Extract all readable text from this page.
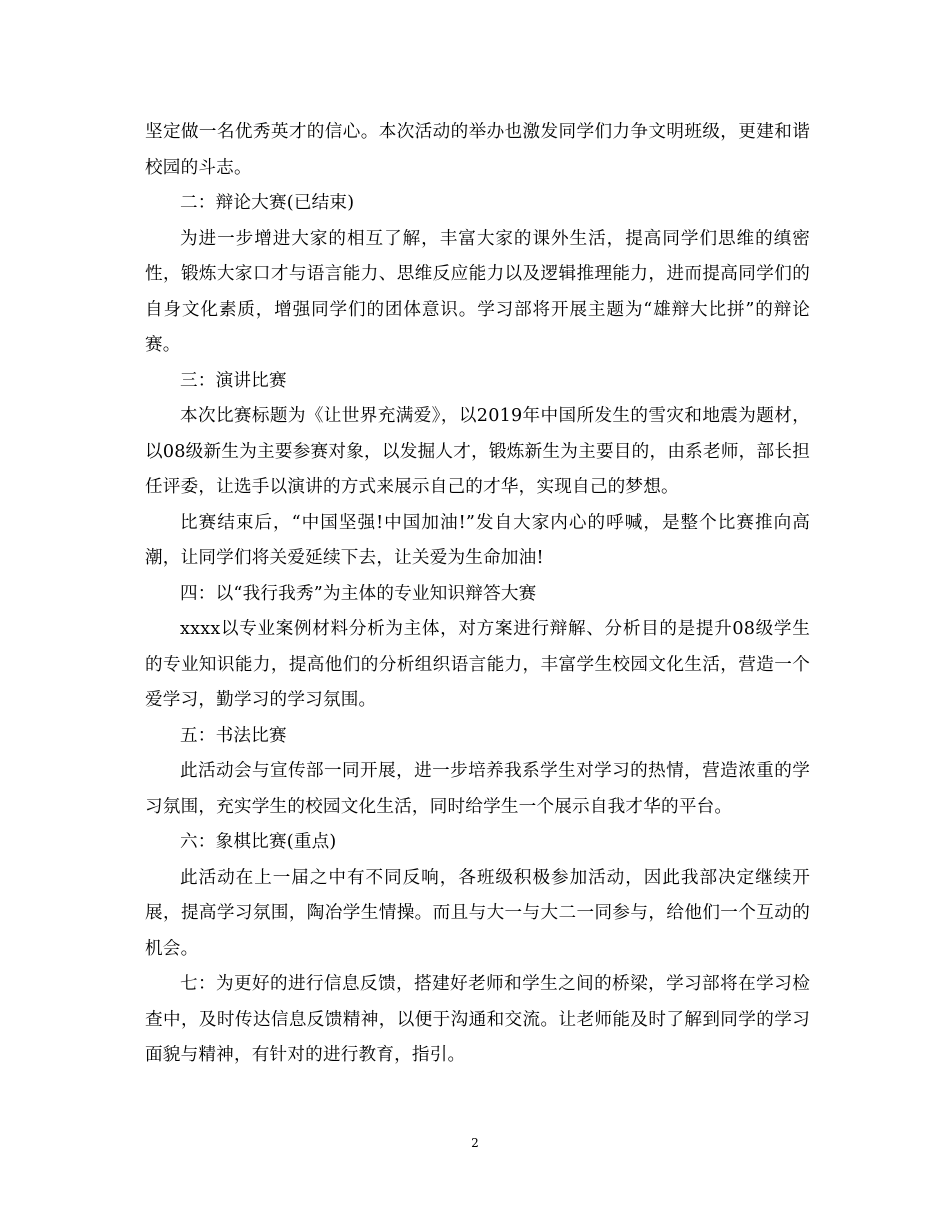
坚定做一名优秀英才的信心。本次活动的举办也激发同学们力争文明班级，更建和谐校园的斗志。

二：辩论大赛(已结束)

为进一步增进大家的相互了解，丰富大家的课外生活，提高同学们思维的缜密性，锻炼大家口才与语言能力、思维反应能力以及逻辑推理能力，进而提高同学们的自身文化素质，增强同学们的团体意识。学习部将开展主题为“雄辩大比拼”的辩论赛。

三：演讲比赛

本次比赛标题为《让世界充满爱》，以2019年中国所发生的雪灾和地震为题材，以08级新生为主要参赛对象，以发掘人才，锻炼新生为主要目的，由系老师，部长担任评委，让选手以演讲的方式来展示自己的才华，实现自己的梦想。

比赛结束后，“中国坚强!中国加油!”发自大家内心的呼喊，是整个比赛推向高潮，让同学们将关爱延续下去，让关爱为生命加油!

四：以“我行我秀”为主体的专业知识辩答大赛

xxxx以专业案例材料分析为主体，对方案进行辩解、分析目的是提升08级学生的专业知识能力，提高他们的分析组织语言能力，丰富学生校园文化生活，营造一个爱学习，勤学习的学习氛围。

五：书法比赛

此活动会与宣传部一同开展，进一步培养我系学生对学习的热情，营造浓重的学习氛围，充实学生的校园文化生活，同时给学生一个展示自我才华的平台。

六：象棋比赛(重点)

此活动在上一届之中有不同反响，各班级积极参加活动，因此我部决定继续开展，提高学习氛围，陶冶学生情操。而且与大一与大二一同参与，给他们一个互动的机会。

七：为更好的进行信息反馈，搭建好老师和学生之间的桥梁，学习部将在学习检查中，及时传达信息反馈精神，以便于沟通和交流。让老师能及时了解到同学的学习面貌与精神，有针对的进行教育，指引。

2
